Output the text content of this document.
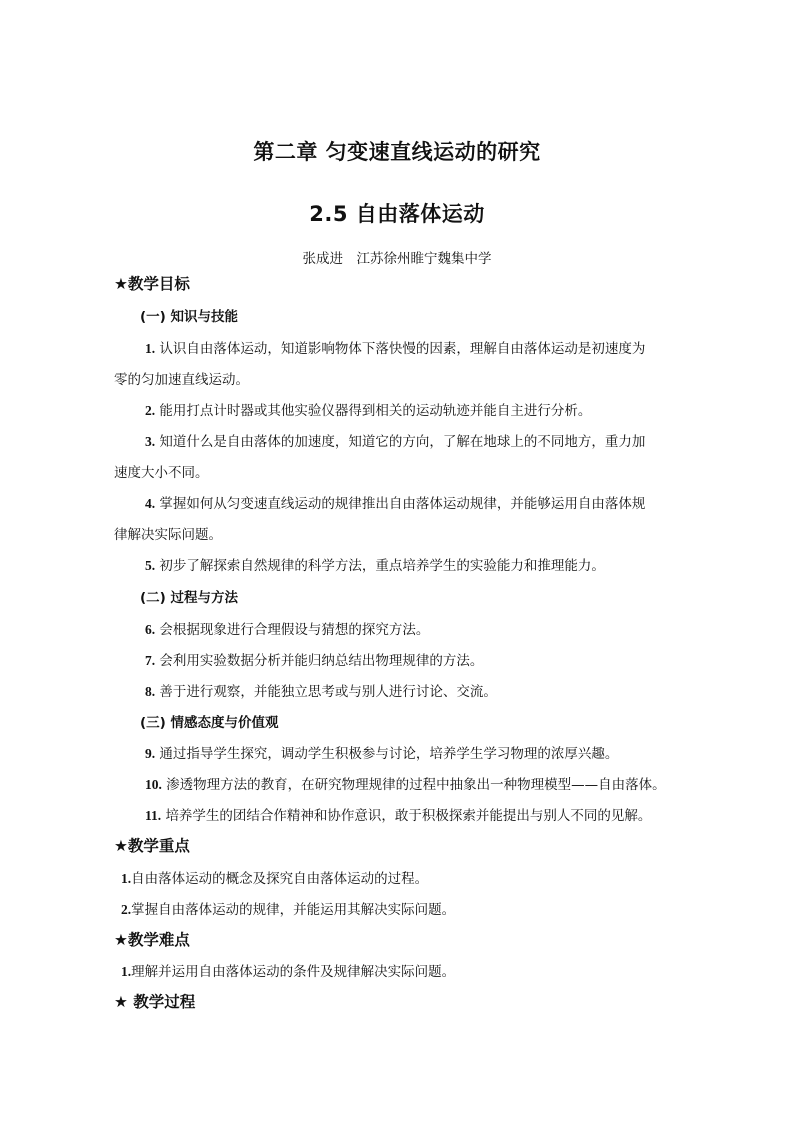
第二章 匀变速直线运动的研究
2.5 自由落体运动
张成进　江苏徐州睢宁魏集中学
★教学目标
(一) 知识与技能
1. 认识自由落体运动，知道影响物体下落快慢的因素，理解自由落体运动是初速度为
零的匀加速直线运动。
2. 能用打点计时器或其他实验仪器得到相关的运动轨迹并能自主进行分析。
3. 知道什么是自由落体的加速度，知道它的方向，了解在地球上的不同地方，重力加
速度大小不同。
4. 掌握如何从匀变速直线运动的规律推出自由落体运动规律，并能够运用自由落体规
律解决实际问题。
5. 初步了解探索自然规律的科学方法，重点培养学生的实验能力和推理能力。
(二) 过程与方法
6. 会根据现象进行合理假设与猜想的探究方法。
7. 会利用实验数据分析并能归纳总结出物理规律的方法。
8. 善于进行观察，并能独立思考或与别人进行讨论、交流。
(三) 情感态度与价值观
9. 通过指导学生探究，调动学生积极参与讨论，培养学生学习物理的浓厚兴趣。
10. 渗透物理方法的教育，在研究物理规律的过程中抽象出一种物理模型——自由落体。
11. 培养学生的团结合作精神和协作意识，敢于积极探索并能提出与别人不同的见解。
★教学重点
1.自由落体运动的概念及探究自由落体运动的过程。
2.掌握自由落体运动的规律，并能运用其解决实际问题。
★教学难点
1.理解并运用自由落体运动的条件及规律解决实际问题。
★ 教学过程
